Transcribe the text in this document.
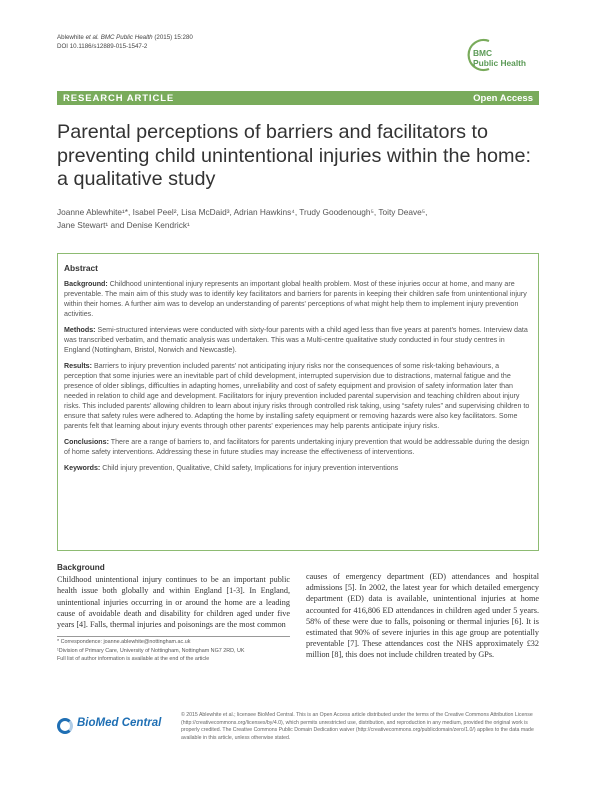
Ablewhite et al. BMC Public Health (2015) 15:280
DOI 10.1186/s12889-015-1547-2
BMC
Public Health
RESEARCH ARTICLE	Open Access
Parental perceptions of barriers and facilitators to preventing child unintentional injuries within the home: a qualitative study
Joanne Ablewhite¹*, Isabel Peel², Lisa McDaid³, Adrian Hawkins⁴, Trudy Goodenough⁵, Toity Deave⁵,
Jane Stewart¹ and Denise Kendrick¹
Abstract

Background: Childhood unintentional injury represents an important global health problem. Most of these injuries occur at home, and many are preventable. The main aim of this study was to identify key facilitators and barriers for parents in keeping their children safe from unintentional injury within their homes. A further aim was to develop an understanding of parents' perceptions of what might help them to implement injury prevention activities.

Methods: Semi-structured interviews were conducted with sixty-four parents with a child aged less than five years at parent's homes. Interview data was transcribed verbatim, and thematic analysis was undertaken. This was a Multi-centre qualitative study conducted in four study centres in England (Nottingham, Bristol, Norwich and Newcastle).

Results: Barriers to injury prevention included parents' not anticipating injury risks nor the consequences of some risk-taking behaviours, a perception that some injuries were an inevitable part of child development, interrupted supervision due to distractions, maternal fatigue and the presence of older siblings, difficulties in adapting homes, unreliability and cost of safety equipment and provision of safety information later than needed in relation to child age and development. Facilitators for injury prevention included parental supervision and teaching children about injury risks. This included parents' allowing children to learn about injury risks through controlled risk taking, using “safety rules” and supervising children to ensure that safety rules were adhered to. Adapting the home by installing safety equipment or removing hazards were also key facilitators. Some parents felt that learning about injury events through other parents' experiences may help parents anticipate injury risks.

Conclusions: There are a range of barriers to, and facilitators for parents undertaking injury prevention that would be addressable during the design of home safety interventions. Addressing these in future studies may increase the effectiveness of interventions.

Keywords: Child injury prevention, Qualitative, Child safety, Implications for injury prevention interventions

Background

Childhood unintentional injury continues to be an important public health issue both globally and within England [1-3]. In England, unintentional injuries occurring in or around the home are a leading cause of avoidable death and disability for children aged under five years [4]. Falls, thermal injuries and poisonings are the most common

causes of emergency department (ED) attendances and hospital admissions [5]. In 2002, the latest year for which detailed emergency department (ED) data is available, unintentional injuries at home accounted for 416,806 ED attendances in children aged under 5 years. 58% of these were due to falls, poisoning or thermal injuries [6]. It is estimated that 90% of severe injuries in this age group are potentially preventable [7]. These attendances cost the NHS approximately £32 million [8], this does not include children treated by GPs.

* Correspondence: joanne.ablewhite@nottingham.ac.uk
¹Division of Primary Care, University of Nottingham, Nottingham NG7 2RD, UK
Full list of author information is available at the end of the article
BioMed Central
© 2015 Ablewhite et al.; licensee BioMed Central. This is an Open Access article distributed under the terms of the Creative Commons Attribution License (http://creativecommons.org/licenses/by/4.0), which permits unrestricted use, distribution, and reproduction in any medium, provided the original work is properly credited. The Creative Commons Public Domain Dedication waiver (http://creativecommons.org/publicdomain/zero/1.0/) applies to the data made available in this article, unless otherwise stated.
